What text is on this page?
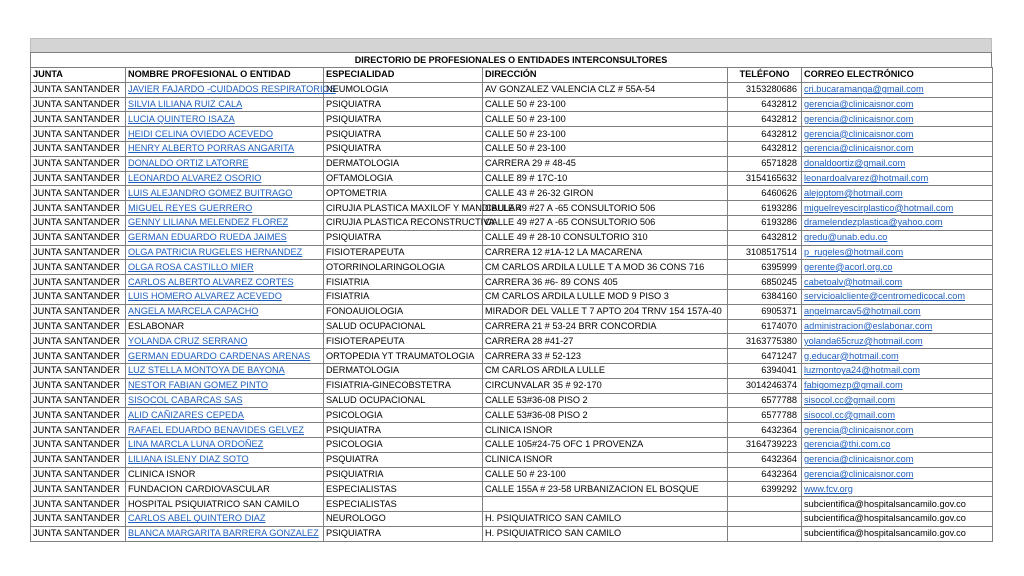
DIRECTORIO DE PROFESIONALES O ENTIDADES INTERCONSULTORES
JUNTA	NOMBRE PROFESIONAL O ENTIDAD	ESPECIALIDAD	DIRECCIÓN	TELÉFONO	CORREO ELECTRÓNICO
JUNTA SANTANDER	JAVIER FAJARDO -CUIDADOS RESPIRATORIOS	NEUMOLOGIA	AV GONZALEZ VALENCIA CLZ # 55A-54	3153280686	cri.bucaramanga@gmail.com
JUNTA SANTANDER	SILVIA LILIANA RUIZ CALA	PSIQUIATRA	CALLE 50 # 23-100	6432812	gerencia@clinicaisnor.com
JUNTA SANTANDER	LUCIA QUINTERO ISAZA	PSIQUIATRA	CALLE 50 # 23-100	6432812	gerencia@clinicaisnor.com
JUNTA SANTANDER	HEIDI CELINA OVIEDO ACEVEDO	PSIQUIATRA	CALLE 50 # 23-100	6432812	gerencia@clinicaisnor.com
JUNTA SANTANDER	HENRY ALBERTO PORRAS ANGARITA	PSIQUIATRA	CALLE 50 # 23-100	6432812	gerencia@clinicaisnor.com
JUNTA SANTANDER	DONALDO ORTIZ LATORRE	DERMATOLOGIA	CARRERA 29 # 48-45	6571828	donaldoortiz@gmail.com
JUNTA SANTANDER	LEONARDO ALVAREZ OSORIO	OFTAMOLOGIA	CALLE 89 # 17C-10	3154165632	leonardoalvarez@hotmail.com
JUNTA SANTANDER	LUIS ALEJANDRO GOMEZ BUITRAGO	OPTOMETRIA	CALLE 43 # 26-32 GIRON	6460626	alejoptom@hotmail.com
JUNTA SANTANDER	MIGUEL REYES GUERRERO	CIRUJIA PLASTICA MAXILOF Y MANDIBULAR	CALLE 49 #27 A -65 CONSULTORIO 506	6193286	miguelreyescirplastico@hotmail.com
JUNTA SANTANDER	GENNY LILIANA MELENDEZ FLOREZ	CIRUJIA PLASTICA RECONSTRUCTIVA	CALLE 49 #27 A -65 CONSULTORIO 506	6193286	dramelendezplastica@yahoo.com
JUNTA SANTANDER	GERMAN EDUARDO RUEDA JAIMES	PSIQUIATRA	CALLE 49 # 28-10 CONSULTORIO 310	6432812	gredu@unab.edu.co
JUNTA SANTANDER	OLGA PATRICIA RUGELES HERNANDEZ	FISIOTERAPEUTA	CARRERA 12 #1A-12 LA MACARENA	3108517514	p_rugeles@hotmail.com
JUNTA SANTANDER	OLGA ROSA CASTILLO MIER	OTORRINOLARINGOLOGIA	CM CARLOS ARDILA LULLE T A MOD 36 CONS 716	6395999	gerente@acorl.org.co
JUNTA SANTANDER	CARLOS ALBERTO ALVAREZ CORTES	FISIATRIA	CARRERA 36 #6- 89 CONS 405	6850245	cabetoalv@hotmail.com
JUNTA SANTANDER	LUIS HOMERO ALVAREZ ACEVEDO	FISIATRIA	CM CARLOS ARDILA LULLE MOD 9 PISO 3	6384160	servicioalcliente@centromedicocal.com
JUNTA SANTANDER	ANGELA MARCELA CAPACHO	FONOAUIOLOGIA	MIRADOR DEL VALLE T 7 APTO 204 TRNV 154 157A-40	6905371	angelmarcav5@hotmail.com
JUNTA SANTANDER	ESLABONAR	SALUD OCUPACIONAL	CARRERA 21 # 53-24 BRR CONCORDIA	6174070	administracion@eslabonar.com
JUNTA SANTANDER	YOLANDA CRUZ SERRANO	FISIOTERAPEUTA	CARRERA 28 #41-27	3163775380	yolanda65cruz@hotmail.com
JUNTA SANTANDER	GERMAN EDUARDO CARDENAS ARENAS	ORTOPEDIA YT TRAUMATOLOGIA	CARRERA 33 # 52-123	6471247	g.educar@hotmail.com
JUNTA SANTANDER	LUZ STELLA MONTOYA DE BAYONA	DERMATOLOGIA	CM CARLOS ARDILA LULLE	6394041	luzmontoya24@hotmail.com
JUNTA SANTANDER	NESTOR FABIAN GOMEZ PINTO	FISIATRIA-GINECOBSTETRA	CIRCUNVALAR 35 # 92-170	3014246374	fabigomezp@gmail.com
JUNTA SANTANDER	SISOCOL CABARCAS SAS	SALUD OCUPACIONAL	CALLE 53#36-08 PISO 2	6577788	sisocol.cc@gmail.com
JUNTA SANTANDER	ALID CAÑIZARES CEPEDA	PSICOLOGIA	CALLE 53#36-08 PISO 2	6577788	sisocol.cc@gmail.com
JUNTA SANTANDER	RAFAEL EDUARDO BENAVIDES GELVEZ	PSIQUIATRA	CLINICA ISNOR	6432364	gerencia@clinicaisnor.com
JUNTA SANTANDER	LINA MARCLA LUNA ORDOÑEZ	PSICOLOGIA	CALLE 105#24-75 OFC 1 PROVENZA	3164739223	gerencia@thi.com.co
JUNTA SANTANDER	LILIANA ISLENY DIAZ SOTO	PSQUIATRA	CLINICA ISNOR	6432364	gerencia@clinicaisnor.com
JUNTA SANTANDER	CLINICA ISNOR	PSIQUIATRIA	CALLE 50 # 23-100	6432364	gerencia@clinicaisnor.com
JUNTA SANTANDER	FUNDACION CARDIOVASCULAR	ESPECIALISTAS	CALLE 155A # 23-58 URBANIZACION EL BOSQUE	6399292	www.fcv.org
JUNTA SANTANDER	HOSPITAL PSIQUIATRICO SAN CAMILO	ESPECIALISTAS			subcientifica@hospitalsancamilo.gov.co
JUNTA SANTANDER	CARLOS ABEL QUINTERO DIAZ	NEUROLOGO	H. PSIQUIATRICO SAN CAMILO		subcientifica@hospitalsancamilo.gov.co
JUNTA SANTANDER	BLANCA MARGARITA BARRERA GONZALEZ	PSIQUIATRA	H. PSIQUIATRICO SAN CAMILO		subcientifica@hospitalsancamilo.gov.co
